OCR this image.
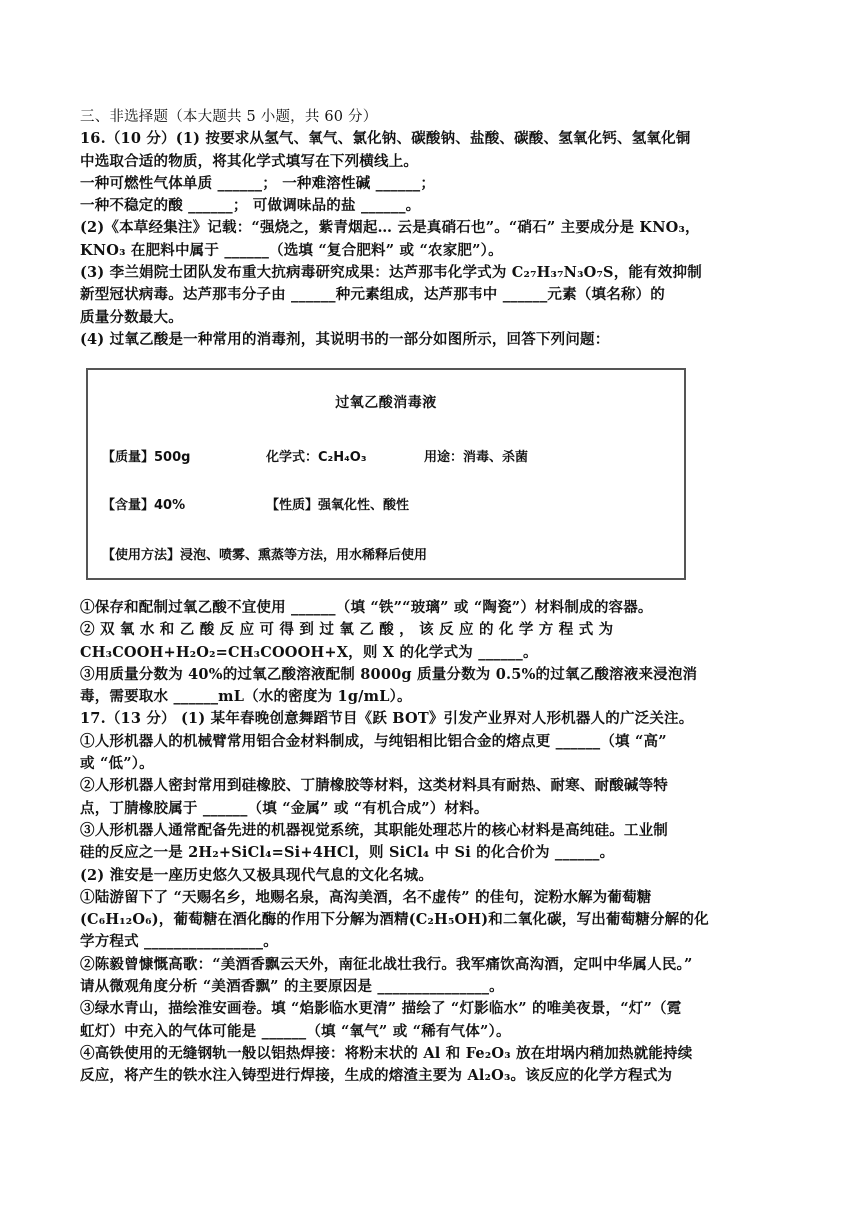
三、非选择题（本大题共 5 小题，共 60 分）
16.（10 分）(1) 按要求从氢气、氧气、氯化钠、碳酸钠、盐酸、碳酸、氢氧化钙、氢氧化铜
中选取合适的物质，将其化学式填写在下列横线上。
一种可燃性气体单质 ______； 一种难溶性碱 ______；
一种不稳定的酸 ______； 可做调味品的盐 ______。
(2)《本草经集注》记载：“强烧之，紫青烟起… 云是真硝石也”。“硝石” 主要成分是 KNO₃，
KNO₃ 在肥料中属于 ______（选填 “复合肥料” 或 “农家肥”）。
(3) 李兰娟院士团队发布重大抗病毒研究成果：达芦那韦化学式为 C₂₇H₃₇N₃O₇S，能有效抑制
新型冠状病毒。达芦那韦分子由 ______种元素组成，达芦那韦中 ______元素（填名称）的
质量分数最大。
(4) 过氧乙酸是一种常用的消毒剂，其说明书的一部分如图所示，回答下列问题：
过氧乙酸消毒液
【质量】500g	化学式：C₂H₄O₃	用途：消毒、杀菌
【含量】40%	【性质】强氧化性、酸性
【使用方法】浸泡、喷雾、熏蒸等方法，用水稀释后使用
①保存和配制过氧乙酸不宜使用 ______（填 “铁”“玻璃” 或 “陶瓷”）材料制成的容器。
② 双 氧 水 和 乙 酸 反 应 可 得 到 过 氧 乙 酸 ， 该 反 应 的 化 学 方 程 式 为
CH₃COOH+H₂O₂=CH₃COOOH+X，则 X 的化学式为 ______。
③用质量分数为 40%的过氧乙酸溶液配制 8000g 质量分数为 0.5%的过氧乙酸溶液来浸泡消
毒，需要取水 ______mL（水的密度为 1g/mL）。
17.（13 分） (1) 某年春晚创意舞蹈节目《跃 BOT》引发产业界对人形机器人的广泛关注。
①人形机器人的机械臂常用铝合金材料制成，与纯铝相比铝合金的熔点更 ______（填 “高”
或 “低”）。
②人形机器人密封常用到硅橡胶、丁腈橡胶等材料，这类材料具有耐热、耐寒、耐酸碱等特
点，丁腈橡胶属于 ______（填 “金属” 或 “有机合成”）材料。
③人形机器人通常配备先进的机器视觉系统，其职能处理芯片的核心材料是高纯硅。工业制
硅的反应之一是 2H₂+SiCl₄=Si+4HCl，则 SiCl₄ 中 Si 的化合价为 ______。
(2) 淮安是一座历史悠久又极具现代气息的文化名城。
①陆游留下了 “天赐名乡，地赐名泉，高沟美酒，名不虚传” 的佳句，淀粉水解为葡萄糖
(C₆H₁₂O₆)，葡萄糖在酒化酶的作用下分解为酒精(C₂H₅OH)和二氧化碳，写出葡萄糖分解的化
学方程式 ________________。
②陈毅曾慷慨高歌：“美酒香飘云天外，南征北战壮我行。我军痛饮高沟酒，定叫中华属人民。”
请从微观角度分析 “美酒香飘” 的主要原因是 _______________。
③绿水青山，描绘淮安画卷。填 “焰影临水更清” 描绘了 “灯影临水” 的唯美夜景，“灯”（霓
虹灯）中充入的气体可能是 ______（填 “氧气” 或 “稀有气体”）。
④高铁使用的无缝钢轨一般以铝热焊接：将粉末状的 Al 和 Fe₂O₃ 放在坩埚内稍加热就能持续
反应，将产生的铁水注入铸型进行焊接，生成的熔渣主要为 Al₂O₃。该反应的化学方程式为
